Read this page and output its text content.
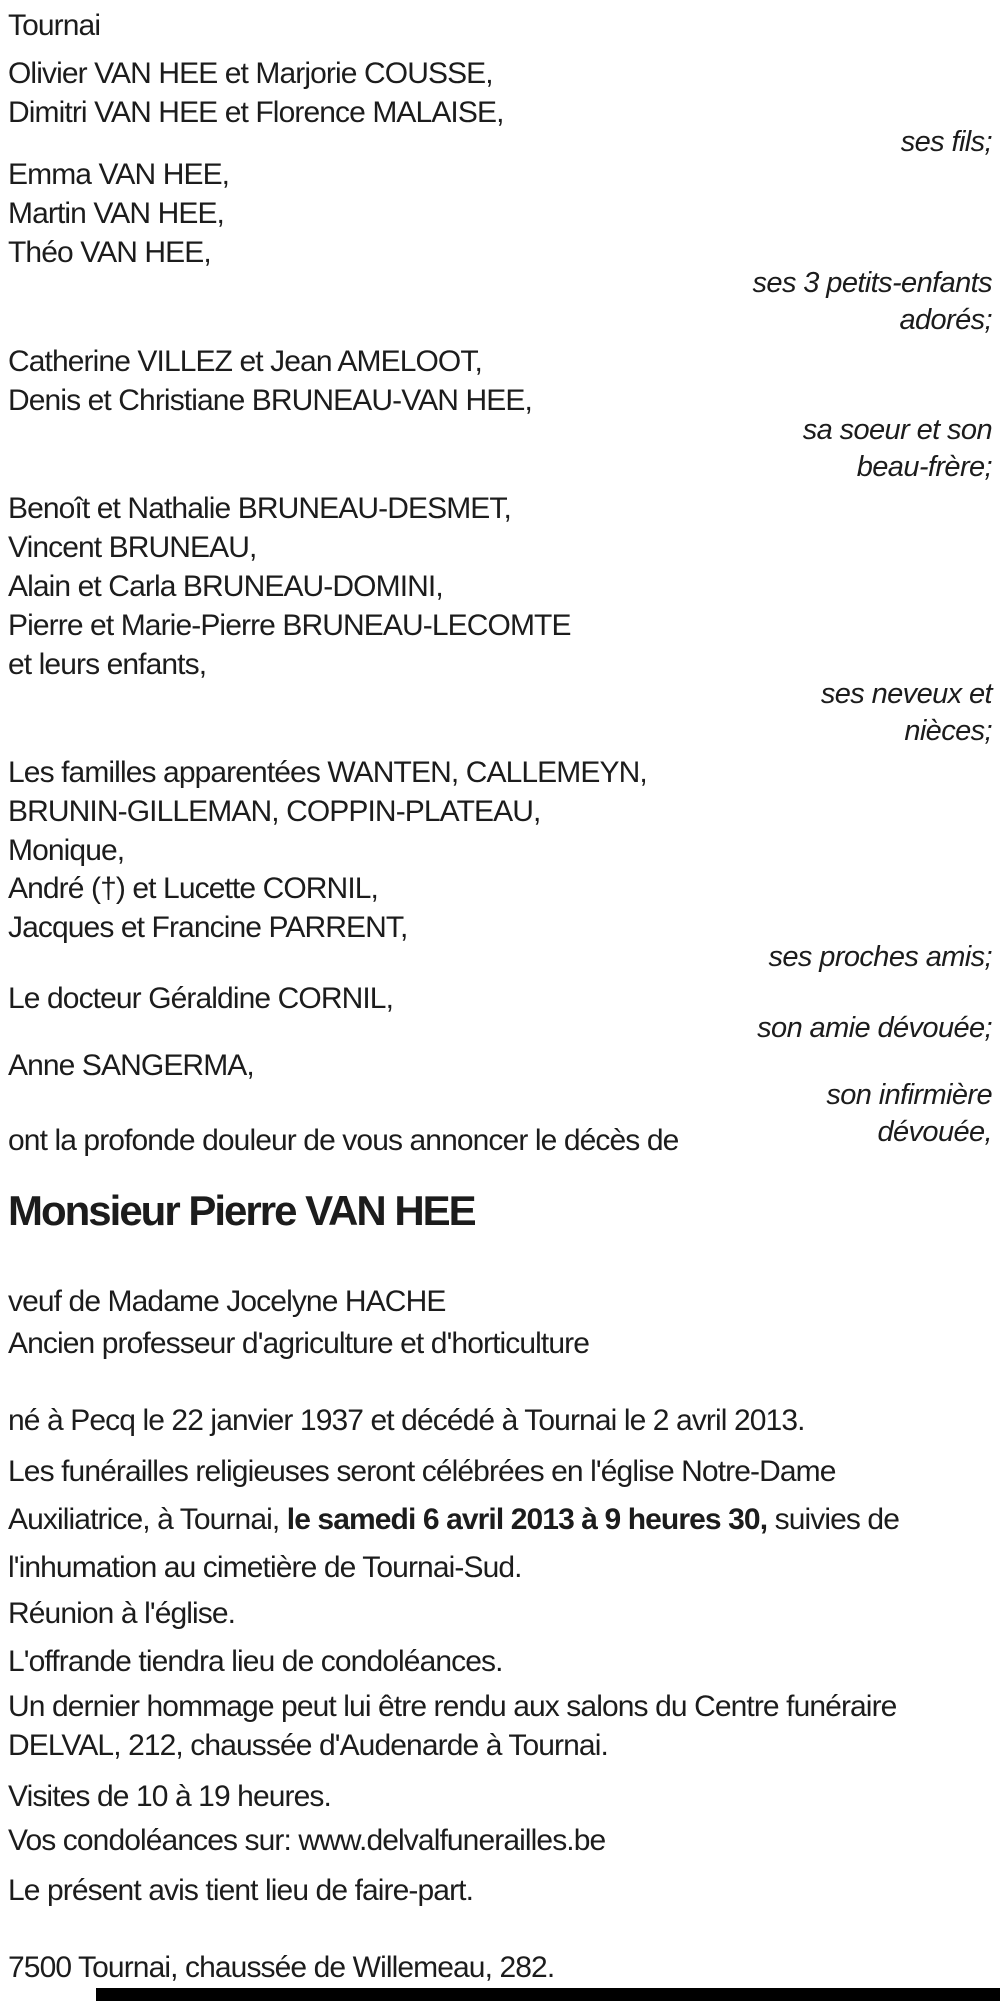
Tournai
Olivier VAN HEE et Marjorie COUSSE,
Dimitri VAN HEE et Florence MALAISE,
ses fils;
Emma VAN HEE,
Martin VAN HEE,
Théo VAN HEE,
ses 3 petits-enfants
adorés;
Catherine VILLEZ et Jean AMELOOT,
Denis et Christiane BRUNEAU-VAN HEE,
sa soeur et son
beau-frère;
Benoît et Nathalie BRUNEAU-DESMET,
Vincent BRUNEAU,
Alain et Carla BRUNEAU-DOMINI,
Pierre et Marie-Pierre BRUNEAU-LECOMTE
et leurs enfants,
ses neveux et
nièces;
Les familles apparentées WANTEN, CALLEMEYN,
BRUNIN-GILLEMAN, COPPIN-PLATEAU,
Monique,
André (†) et Lucette CORNIL,
Jacques et Francine PARRENT,
ses proches amis;
Le docteur Géraldine CORNIL,
son amie dévouée;
Anne SANGERMA,
son infirmière
dévouée,
ont la profonde douleur de vous annoncer le décès de
Monsieur Pierre VAN HEE
veuf de Madame Jocelyne HACHE
Ancien professeur d'agriculture et d'horticulture
né à Pecq le 22 janvier 1937 et décédé à Tournai le 2 avril 2013.
Les funérailles religieuses seront célébrées en l'église Notre-Dame
Auxiliatrice, à Tournai, le samedi 6 avril 2013 à 9 heures 30, suivies de
l'inhumation au cimetière de Tournai-Sud.
Réunion à l'église.
L'offrande tiendra lieu de condoléances.
Un dernier hommage peut lui être rendu aux salons du Centre funéraire
DELVAL, 212, chaussée d'Audenarde à Tournai.
Visites de 10 à 19 heures.
Vos condoléances sur: www.delvalfunerailles.be
Le présent avis tient lieu de faire-part.
7500 Tournai, chaussée de Willemeau, 282.
